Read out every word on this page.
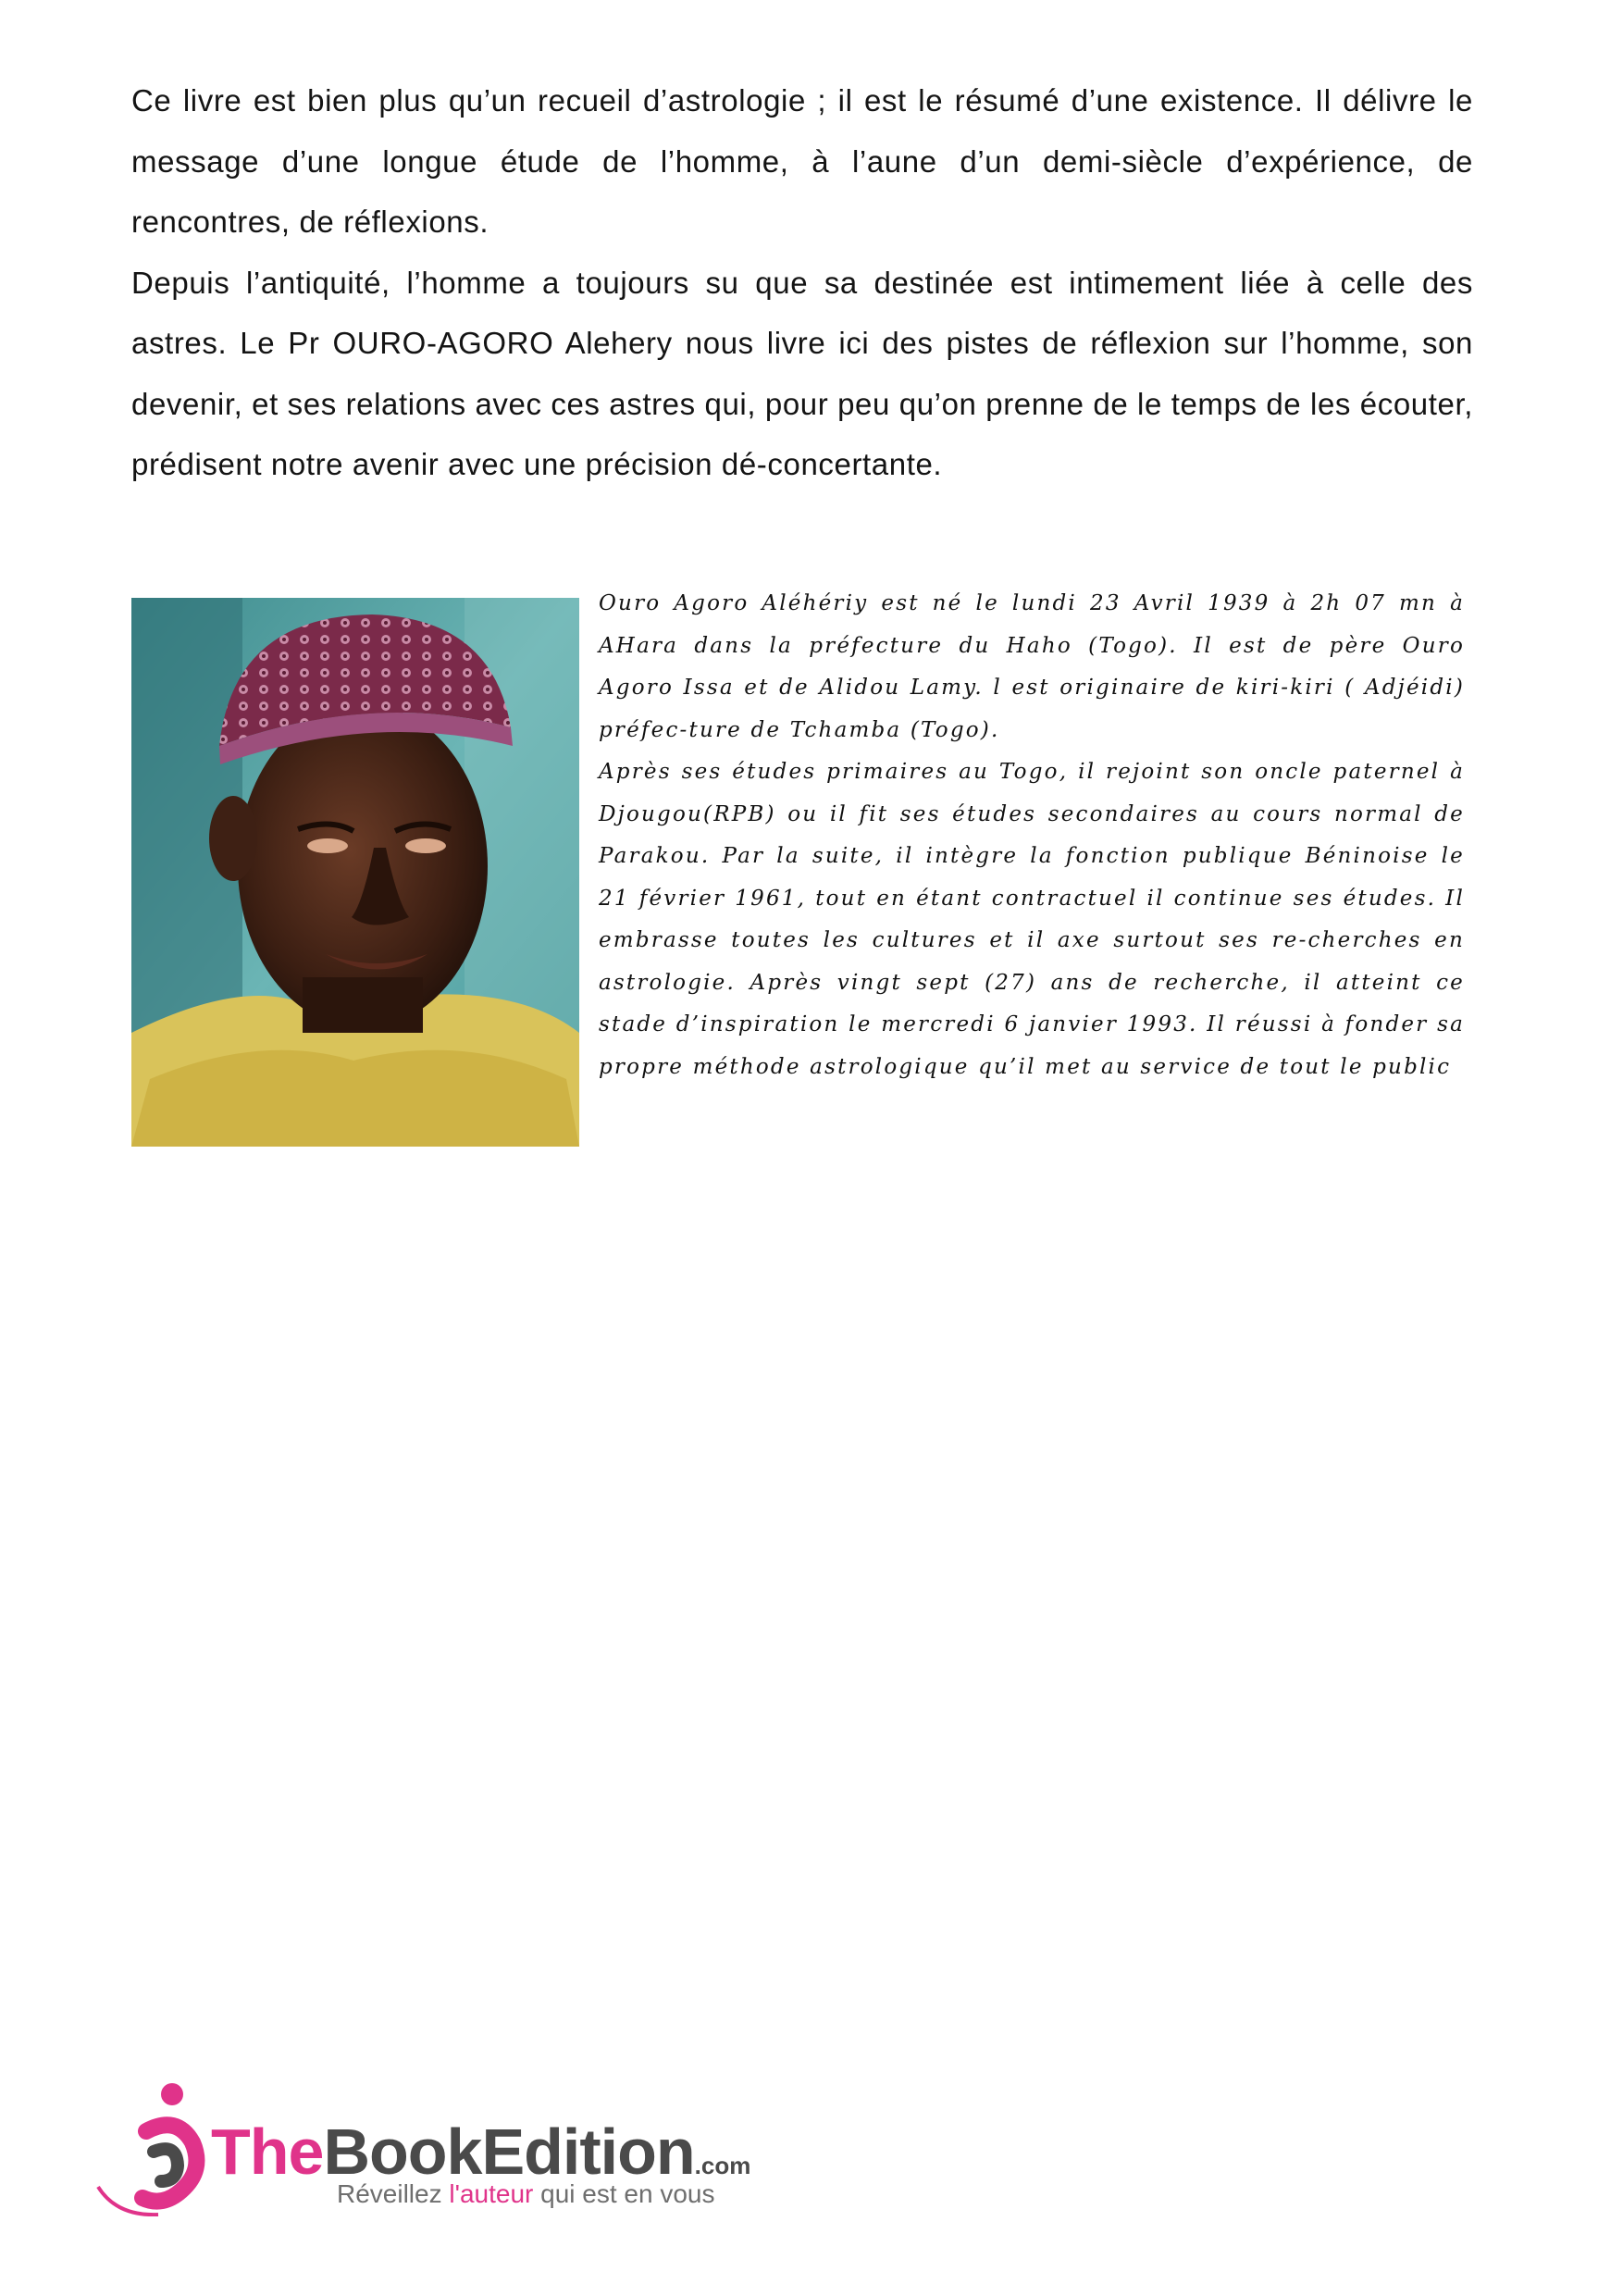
Ce livre est bien plus qu’un recueil d’astrologie ; il est le résumé d’une existence. Il délivre le message d’une longue étude de l’homme, à l’aune d’un demi-siècle d’expérience, de rencontres, de réflexions.

Depuis l’antiquité, l’homme a toujours su que sa destinée est intimement liée à celle des astres. Le Pr OURO-AGORO Alehery nous livre ici des pistes de réflexion sur l’homme, son devenir, et ses relations avec ces astres qui, pour peu qu’on prenne de le temps de les écouter, prédisent notre avenir avec une précision dé-concertante.

Ouro Agoro Aléhériy est né le lundi 23 Avril 1939 à 2h 07 mn à AHara dans la préfecture du Haho (Togo). Il est de père Ouro Agoro Issa et de Alidou Lamy. l est originaire de kiri-kiri ( Adjéidi) préfec-ture de Tchamba (Togo).

Après ses études primaires au Togo, il rejoint son oncle paternel à Djougou(RPB) ou il fit ses études secondaires au cours normal de Parakou. Par la suite, il intègre la fonction publique Béninoise le 21 février 1961, tout en étant contractuel il continue ses études. Il embrasse toutes les cultures et il axe surtout ses re-cherches en astrologie. Après vingt sept (27) ans de recherche, il atteint ce stade d’inspiration le mercredi 6 janvier 1993. Il réussi à fonder sa propre méthode astrologique qu’il met au service de tout le public

TheBookEdition.com
Réveillez l'auteur qui est en vous
